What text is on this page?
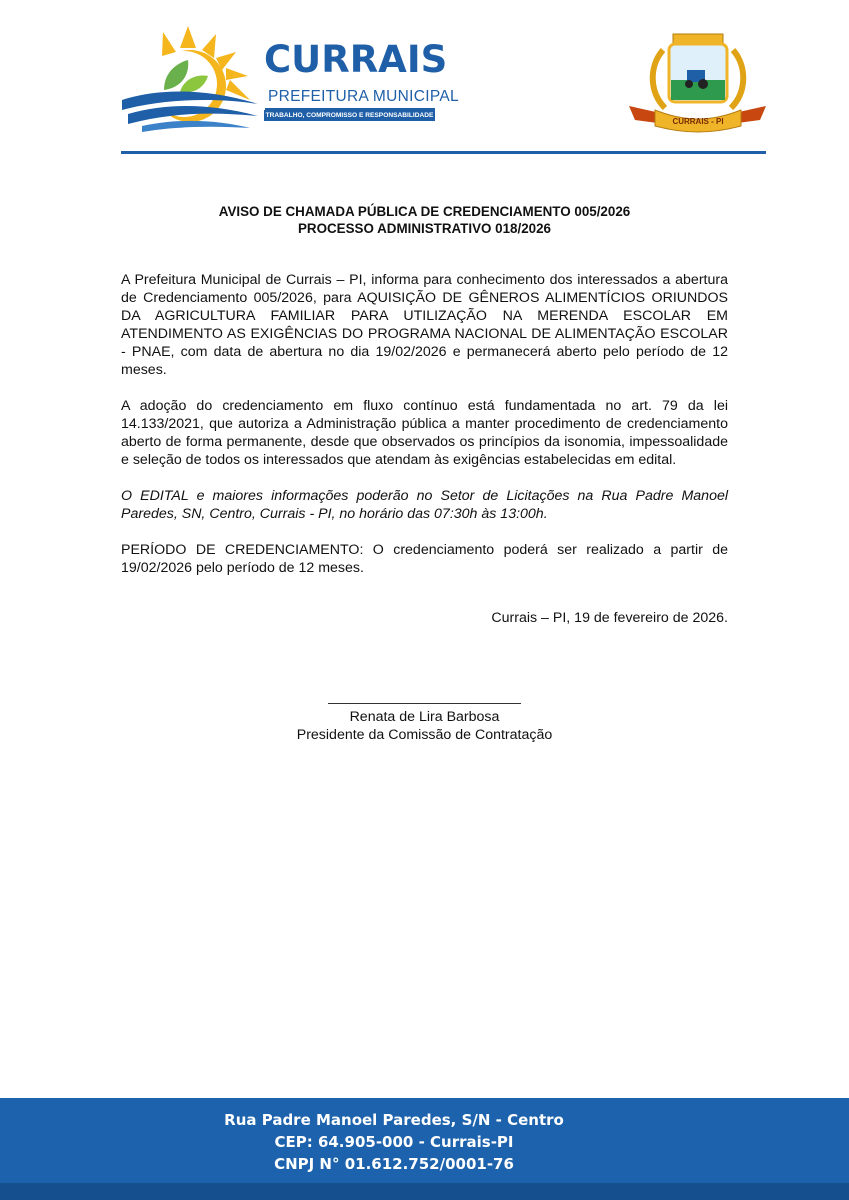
CURRAIS
PREFEITURA MUNICIPAL
TRABALHO, COMPROMISSO E RESPONSABILIDADE
CURRAIS - PI
AVISO DE CHAMADA PÚBLICA DE CREDENCIAMENTO 005/2026
PROCESSO ADMINISTRATIVO 018/2026

A Prefeitura Municipal de Currais – PI, informa para conhecimento dos interessados a abertura de Credenciamento 005/2026, para AQUISIÇÃO DE GÊNEROS ALIMENTÍCIOS ORIUNDOS DA AGRICULTURA FAMILIAR PARA UTILIZAÇÃO NA MERENDA ESCOLAR EM ATENDIMENTO AS EXIGÊNCIAS DO PROGRAMA NACIONAL DE ALIMENTAÇÃO ESCOLAR - PNAE, com data de abertura no dia 19/02/2026 e permanecerá aberto pelo período de 12 meses.

A adoção do credenciamento em fluxo contínuo está fundamentada no art. 79 da lei 14.133/2021, que autoriza a Administração pública a manter procedimento de credenciamento aberto de forma permanente, desde que observados os princípios da isonomia, impessoalidade e seleção de todos os interessados que atendam às exigências estabelecidas em edital.

O EDITAL e maiores informações poderão no Setor de Licitações na Rua Padre Manoel Paredes, SN, Centro, Currais - PI, no horário das 07:30h às 13:00h.

PERÍODO DE CREDENCIAMENTO: O credenciamento poderá ser realizado a partir de 19/02/2026 pelo período de 12 meses.

Currais – PI, 19 de fevereiro de 2026.
Renata de Lira Barbosa
Presidente da Comissão de Contratação
Rua Padre Manoel Paredes, S/N - Centro
CEP: 64.905-000 - Currais-PI
CNPJ N° 01.612.752/0001-76
